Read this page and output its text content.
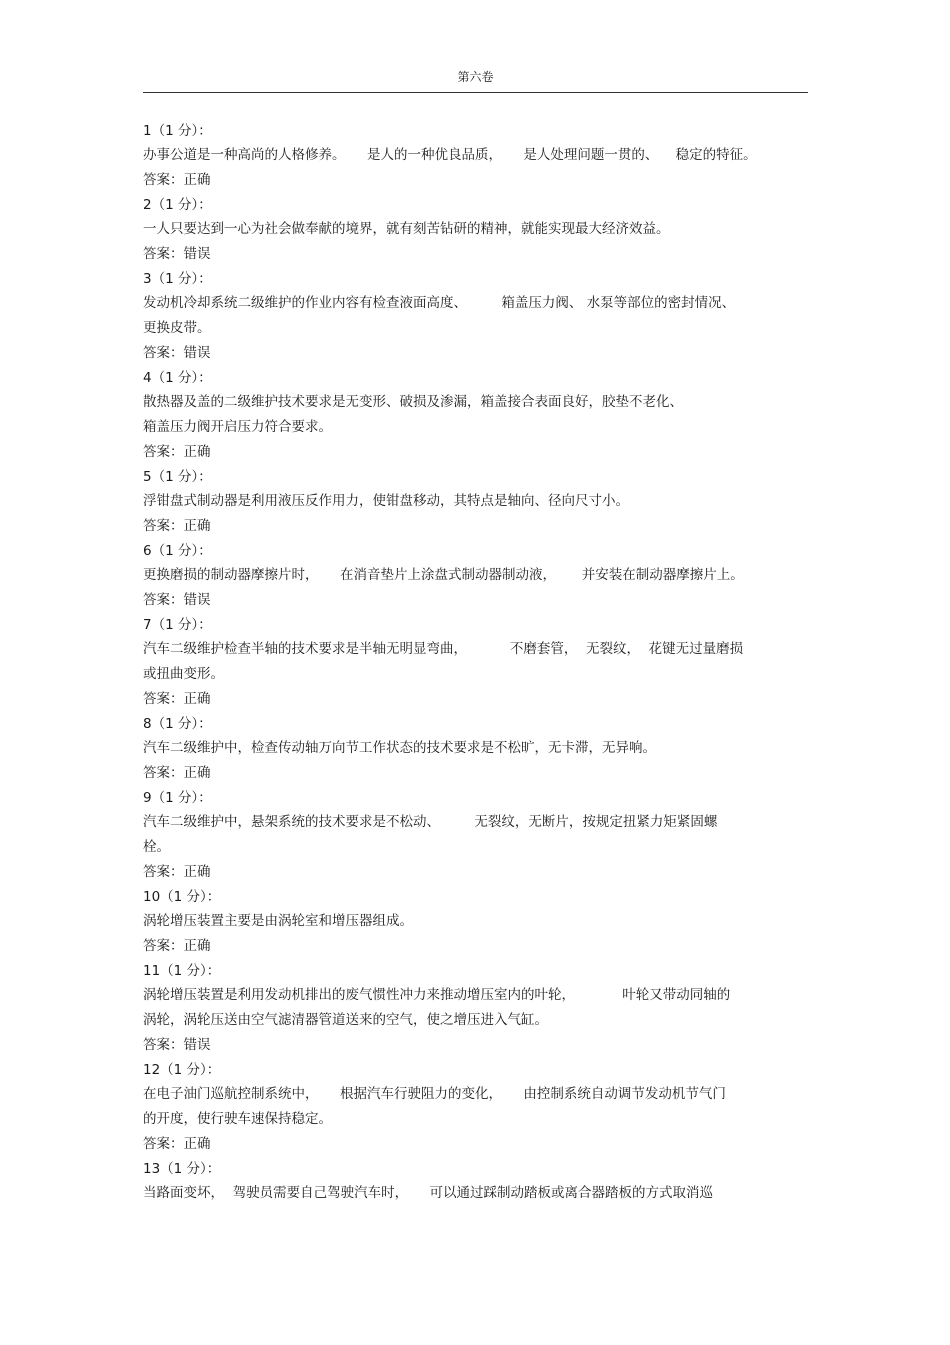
第六卷
1（1 分）：
办事公道是一种高尚的人格修养。     是人的一种优良品质，     是人处理问题一贯的、    稳定的特征。
答案：正确
2（1 分）：
一人只要达到一心为社会做奉献的境界，就有刻苦钻研的精神，就能实现最大经济效益。
答案：错误
3（1 分）：
发动机冷却系统二级维护的作业内容有检查液面高度、        箱盖压力阀、 水泵等部位的密封情况、
更换皮带。
答案：错误
4（1 分）：
散热器及盖的二级维护技术要求是无变形、破损及渗漏，箱盖接合表面良好，胶垫不老化、
箱盖压力阀开启压力符合要求。
答案：正确
5（1 分）：
浮钳盘式制动器是利用液压反作用力，使钳盘移动，其特点是轴向、径向尺寸小。
答案：正确
6（1 分）：
更换磨损的制动器摩擦片时，     在消音垫片上涂盘式制动器制动液，      并安装在制动器摩擦片上。
答案：错误
7（1 分）：
汽车二级维护检查半轴的技术要求是半轴无明显弯曲，          不磨套管，  无裂纹，  花键无过量磨损
或扭曲变形。
答案：正确
8（1 分）：
汽车二级维护中，检查传动轴万向节工作状态的技术要求是不松旷，无卡滞，无异响。
答案：正确
9（1 分）：
汽车二级维护中，悬架系统的技术要求是不松动、        无裂纹，无断片，按规定扭紧力矩紧固螺
栓。
答案：正确
10（1 分）：
涡轮增压装置主要是由涡轮室和增压器组成。
答案：正确
11（1 分）：
涡轮增压装置是利用发动机排出的废气惯性冲力来推动增压室内的叶轮，           叶轮又带动同轴的
涡轮，涡轮压送由空气滤清器管道送来的空气，使之增压进入气缸。
答案：错误
12（1 分）：
在电子油门巡航控制系统中，     根据汽车行驶阻力的变化，     由控制系统自动调节发动机节气门
的开度，使行驶车速保持稳定。
答案：正确
13（1 分）：
当路面变坏，  驾驶员需要自己驾驶汽车时，     可以通过踩制动踏板或离合器踏板的方式取消巡
